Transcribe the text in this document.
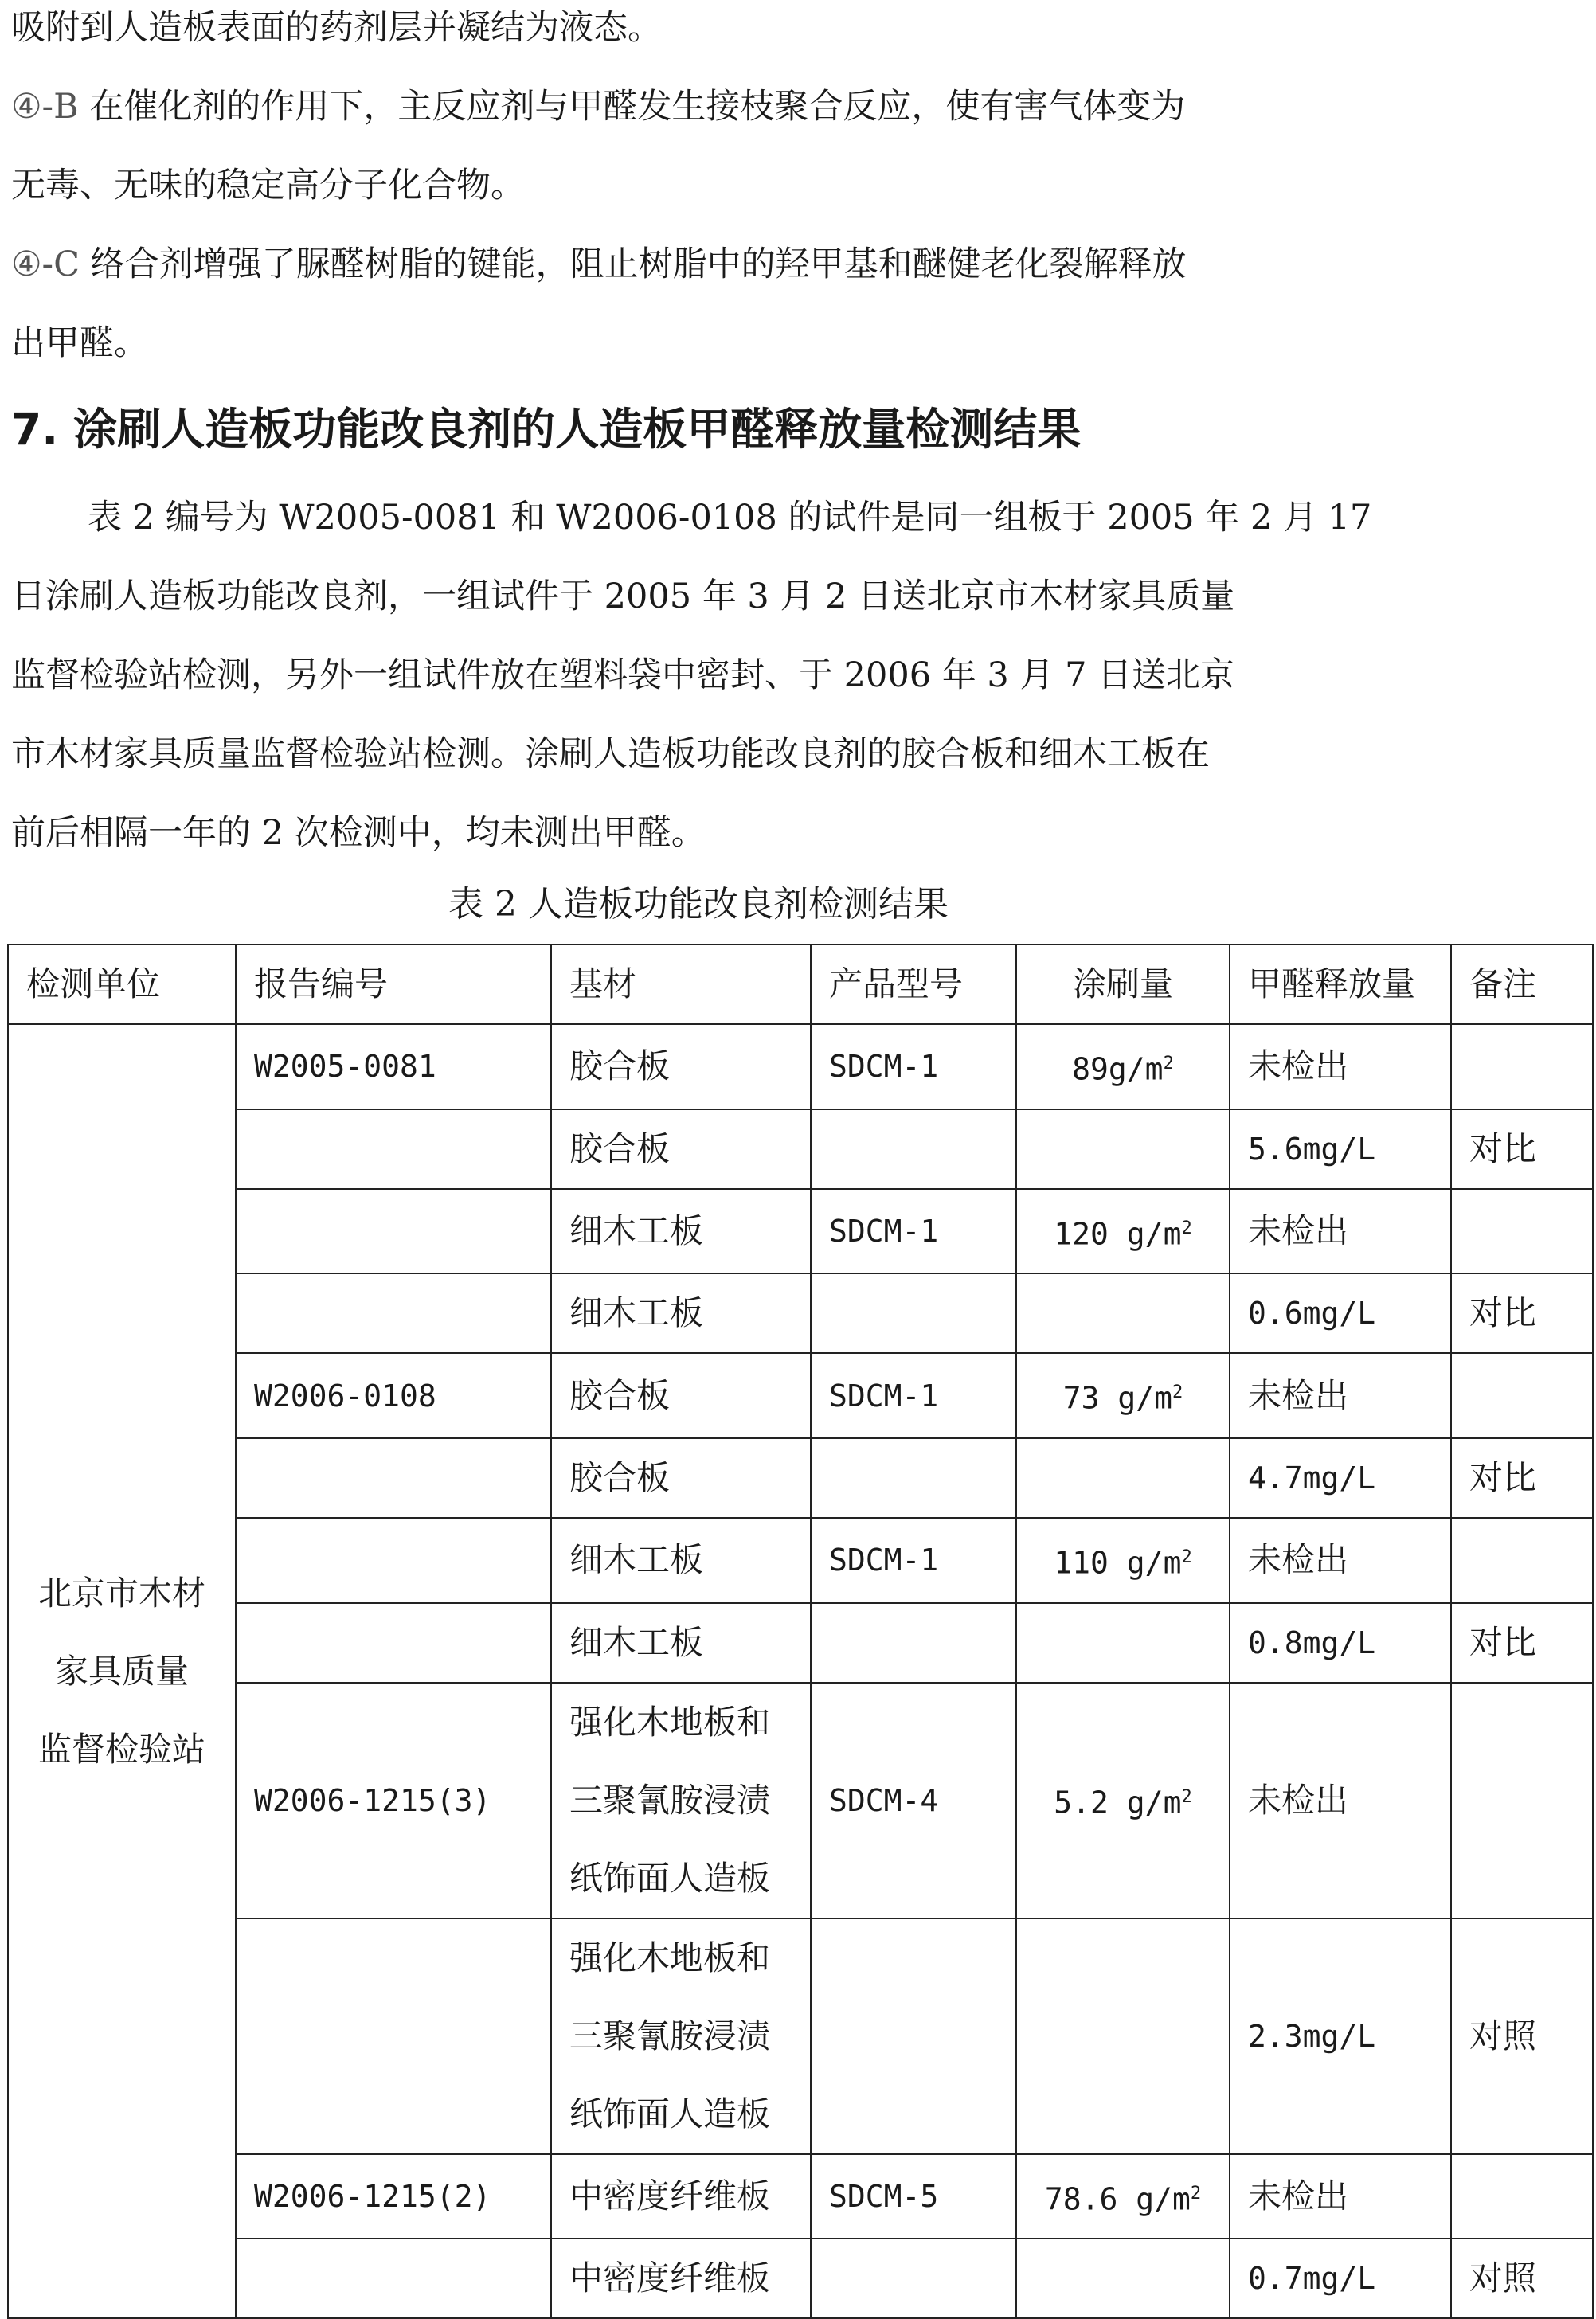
吸附到人造板表面的药剂层并凝结为液态。
④-B 在催化剂的作用下，主反应剂与甲醛发生接枝聚合反应，使有害气体变为
无毒、无味的稳定高分子化合物。
④-C 络合剂增强了脲醛树脂的键能，阻止树脂中的羟甲基和醚健老化裂解释放
出甲醛。
7. 涂刷人造板功能改良剂的人造板甲醛释放量检测结果
表 2 编号为 W2005-0081 和 W2006-0108 的试件是同一组板于 2005 年 2 月 17
日涂刷人造板功能改良剂，一组试件于 2005 年 3 月 2 日送北京市木材家具质量
监督检验站检测，另外一组试件放在塑料袋中密封、于 2006 年 3 月 7 日送北京
市木材家具质量监督检验站检测。涂刷人造板功能改良剂的胶合板和细木工板在
前后相隔一年的 2 次检测中，均未测出甲醛。
表 2 人造板功能改良剂检测结果
检测单位	报告编号	基材	产品型号	涂刷量	甲醛释放量	备注

北京市木材
家具质量
监督检验站	W2005-0081	胶合板	SDCM-1	$89g/m^2$	未检出	

		胶合板			5.6mg/L	对比

		细木工板	SDCM-1	120 $g/m^2$	未检出	

		细木工板			0.6mg/L	对比
	W2006-0108	胶合板	SDCM-1	73 $g/m^2$	未检出	

		胶合板			4.7mg/L	对比

		细木工板	SDCM-1	110 $g/m^2$	未检出	

		细木工板			0.8mg/L	对比
	W2006-1215(3)	强化木地板和
三聚氰胺浸渍
纸饰面人造板	SDCM-4	5.2 $g/m^2$	未检出	

		强化木地板和
三聚氰胺浸渍
纸饰面人造板			2.3mg/L	对照
	W2006-1215(2)	中密度纤维板	SDCM-5	78.6 $g/m^2$	未检出	

		中密度纤维板			0.7mg/L	对照
